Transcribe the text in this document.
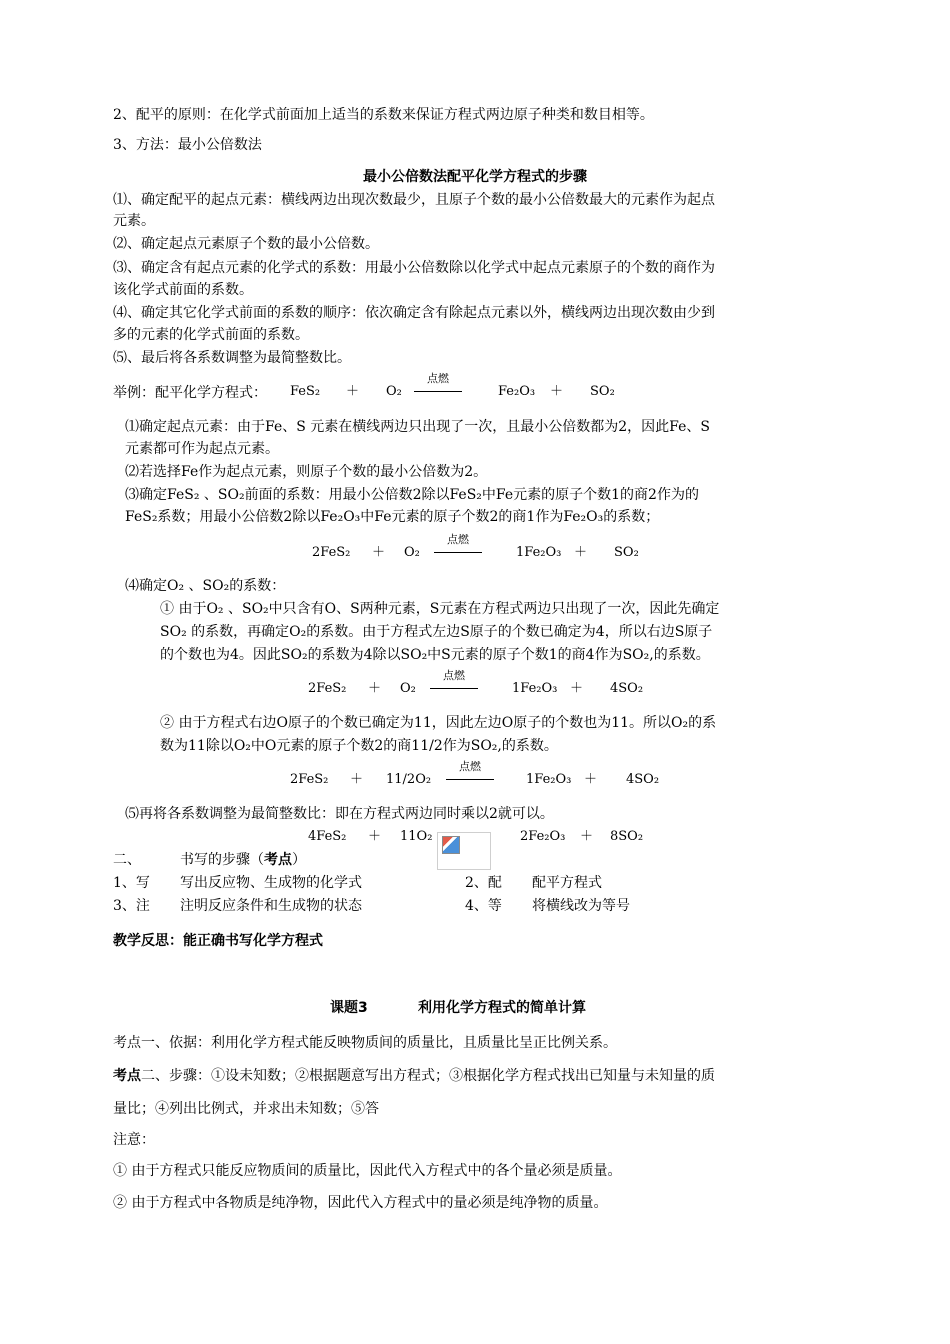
2、配平的原则：在化学式前面加上适当的系数来保证方程式两边原子种类和数目相等。
3、方法：最小公倍数法
最小公倍数法配平化学方程式的步骤
⑴、确定配平的起点元素：横线两边出现次数最少，且原子个数的最小公倍数最大的元素作为起点
元素。
⑵、确定起点元素原子个数的最小公倍数。
⑶、确定含有起点元素的化学式的系数：用最小公倍数除以化学式中起点元素原子的个数的商作为
该化学式前面的系数。
⑷、确定其它化学式前面的系数的顺序：依次确定含有除起点元素以外，横线两边出现次数由少到
多的元素的化学式前面的系数。
⑸、最后将各系数调整为最简整数比。
举例：配平化学方程式： FeS₂ ＋ O₂
点燃
Fe₂O₃ ＋ SO₂
⑴确定起点元素：由于Fe、S 元素在横线两边只出现了一次，且最小公倍数都为2，因此Fe、S
元素都可作为起点元素。
⑵若选择Fe作为起点元素，则原子个数的最小公倍数为2。
⑶确定FeS₂ 、SO₂前面的系数：用最小公倍数2除以FeS₂中Fe元素的原子个数1的商2作为的
FeS₂系数；用最小公倍数2除以Fe₂O₃中Fe元素的原子个数2的商1作为Fe₂O₃的系数；
2FeS₂ ＋ O₂
点燃
1Fe₂O₃ ＋ SO₂
⑷确定O₂ 、SO₂的系数：
① 由于O₂ 、SO₂中只含有O、S两种元素，S元素在方程式两边只出现了一次，因此先确定
SO₂ 的系数，再确定O₂的系数。由于方程式左边S原子的个数已确定为4，所以右边S原子
的个数也为4。因此SO₂的系数为4除以SO₂中S元素的原子个数1的商4作为SO₂,的系数。
2FeS₂ ＋ O₂
点燃
1Fe₂O₃ ＋ 4SO₂
② 由于方程式右边O原子的个数已确定为11，因此左边O原子的个数也为11。所以O₂的系
数为11除以O₂中O元素的原子个数2的商11/2作为SO₂,的系数。
2FeS₂ ＋ 11/2O₂
点燃
1Fe₂O₃ ＋ 4SO₂
⑸再将各系数调整为最简整数比：即在方程式两边同时乘以2就可以。
4FeS₂ ＋ 11O₂	2Fe₂O₃ ＋ 8SO₂
二、	书写的步骤（考点）
1、写 写出反应物、生成物的化学式	2、配 配平方程式
3、注 注明反应条件和生成物的状态	4、等 将横线改为等号
教学反思：能正确书写化学方程式
课题3	利用化学方程式的简单计算
考点一、依据：利用化学方程式能反映物质间的质量比，且质量比呈正比例关系。
考点二、步骤：①设未知数；②根据题意写出方程式；③根据化学方程式找出已知量与未知量的质
量比；④列出比例式，并求出未知数；⑤答
注意：
① 由于方程式只能反应物质间的质量比，因此代入方程式中的各个量必须是质量。
② 由于方程式中各物质是纯净物，因此代入方程式中的量必须是纯净物的质量。
